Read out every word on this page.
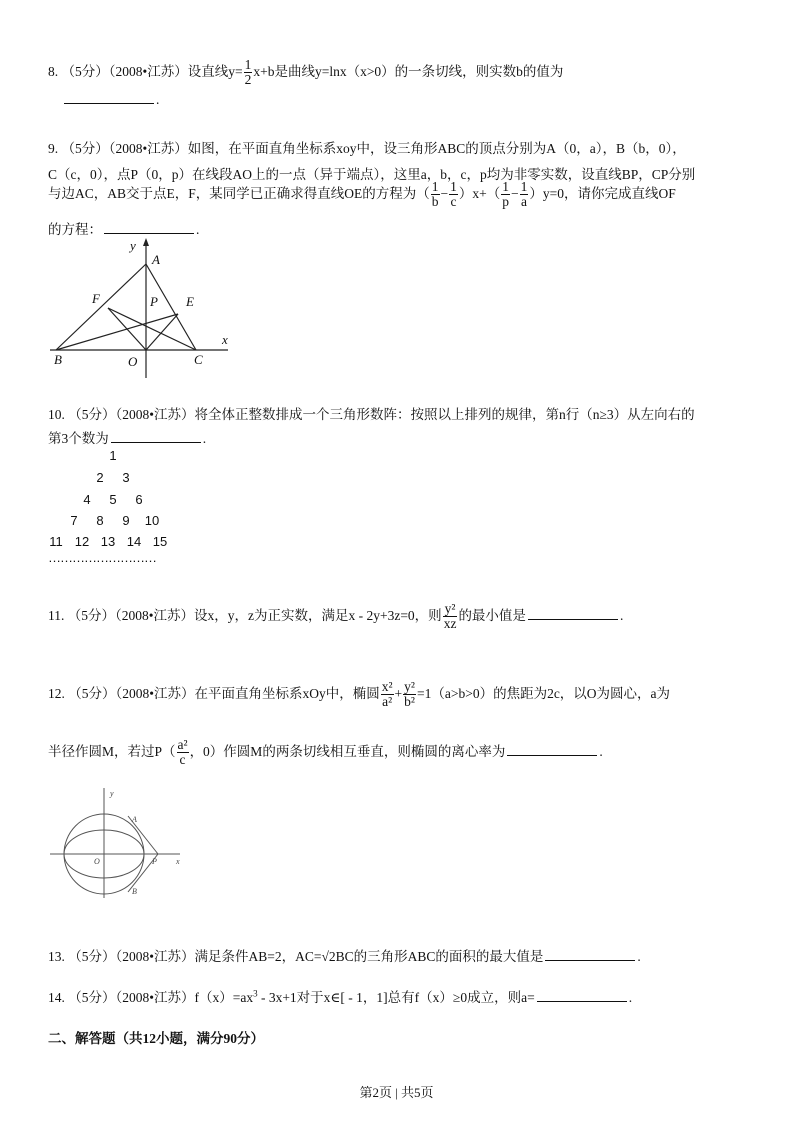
8. （5分）（2008•江苏）设直线$y= \frac{1}{2} x+b$是曲线y=lnx（x>0）的一条切线，则实数b的值为
.
9. （5分）（2008•江苏）如图，在平面直角坐标系xoy中，设三角形ABC的顶点分别为A（0，a），B（b，0），
C（c，0），点P（0，p）在线段AO上的一点（异于端点），这里a，b，c，p均为非零实数，设直线BP，CP分别
与边AC，AB交于点E，F，某同学已正确求得直线OE的方程为（ $\frac{1}{b} - \frac{1}{c} )x+( \frac{1}{p} - \frac{1}{a} )y=0$，请你完成直线OF
的方程：	.
y
A
F	P E
x
B	O	C
10. （5分）（2008•江苏）将全体正整数排成一个三角形数阵：按照以上排列的规律，第n行（n≥3）从左向右的
第3个数为	.
1
2 3
4 5 6
7 8 9 10
11 12 13 14 15
………………………
11. （5分）（2008•江苏）设x，y，z为正实数，满足x - 2y+3z=0，则 $\frac{\text{y²}}{xz}$ 的最小值是	.
12. （5分）（2008•江苏）在平面直角坐标系xOy中，椭圆 $\frac{\text{x²}}{\text{a²}} + \frac{\text{y²}}{\text{b²}} =1(a>b>0)$的焦距为2c，以O为圆心，a为
半径作圆M，若过$P( \frac{\text{a²}}{c}$ ，0）作圆M的两条切线相互垂直，则椭圆的离心率为	.
y
A
O	P x
B
13. （5分）（2008•江苏）满足条件AB=2，AC=√2BC的三角形ABC的面积的最大值是	.
14. （5分）（2008•江苏）$f(x)=ax^3 - 3x+1$对于x∈[ - 1，1]总有f（x）≥0成立，则a=	.
二、解答题（共12小题，满分90分）
第2页 | 共5页
